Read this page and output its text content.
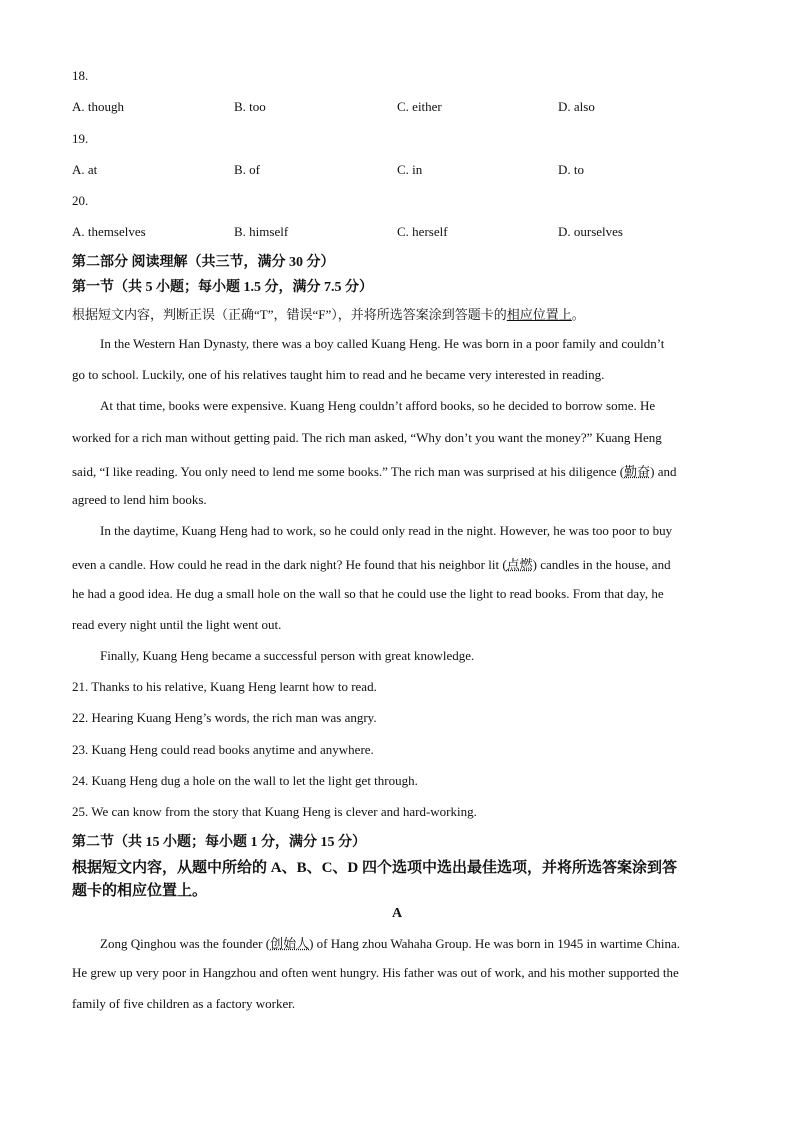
18.
A. though	B. too	C. either	D. also
19.
A. at	B. of	C. in	D. to
20.
A. themselves	B. himself	C. herself	D. ourselves
第二部分 阅读理解（共三节，满分 30 分）
第一节（共 5 小题；每小题 1.5 分，满分 7.5 分）
根据短文内容，判断正误（正确“T”，错误“F”），并将所选答案涂到答题卡的相应位置上。
In the Western Han Dynasty, there was a boy called Kuang Heng. He was born in a poor family and couldn’t
go to school. Luckily, one of his relatives taught him to read and he became very interested in reading.
At that time, books were expensive. Kuang Heng couldn’t afford books, so he decided to borrow some. He
worked for a rich man without getting paid. The rich man asked, “Why don’t you want the money?” Kuang Heng
said, “I like reading. You only need to lend me some books.” The rich man was surprised at his diligence (勤奋) and
agreed to lend him books.
In the daytime, Kuang Heng had to work, so he could only read in the night. However, he was too poor to buy
even a candle. How could he read in the dark night? He found that his neighbor lit (点燃) candles in the house, and
he had a good idea. He dug a small hole on the wall so that he could use the light to read books. From that day, he
read every night until the light went out.
Finally, Kuang Heng became a successful person with great knowledge.
21. Thanks to his relative, Kuang Heng learnt how to read.
22. Hearing Kuang Heng’s words, the rich man was angry.
23. Kuang Heng could read books anytime and anywhere.
24. Kuang Heng dug a hole on the wall to let the light get through.
25. We can know from the story that Kuang Heng is clever and hard-working.
第二节（共 15 小题；每小题 1 分，满分 15 分）
根据短文内容，从题中所给的 A、B、C、D 四个选项中选出最佳选项，并将所选答案涂到答
题卡的相应位置上。
A
Zong Qinghou was the founder (创始人) of Hang zhou Wahaha Group. He was born in 1945 in wartime China.
He grew up very poor in Hangzhou and often went hungry. His father was out of work, and his mother supported the
family of five children as a factory worker.
